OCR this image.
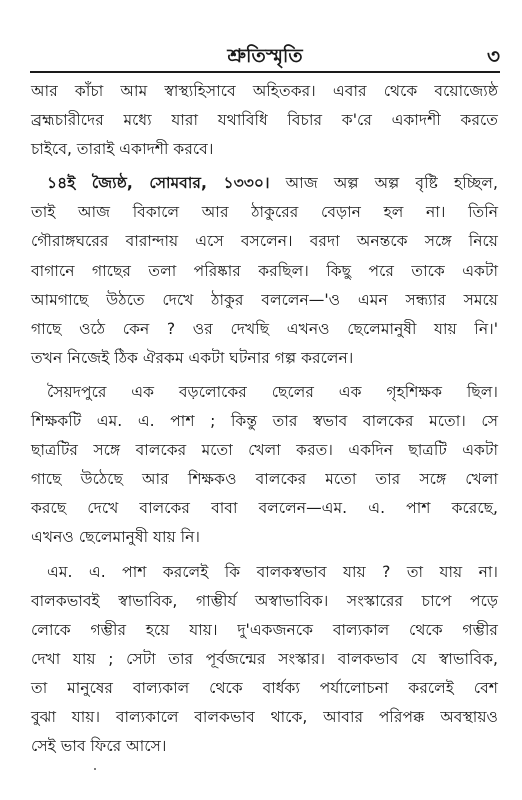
শ্রুতিস্মৃতি	৩
আর কাঁচা আম স্বাস্থ্যহিসাবে অহিতকর। এবার থেকে বয়োজ্যেষ্ঠ
ব্রহ্মচারীদের মধ্যে যারা যথাবিধি বিচার ক'রে একাদশী করতে
চাইবে, তারাই একাদশী করবে।
১৪ই জ্যৈষ্ঠ, সোমবার, ১৩৩০। আজ অল্প অল্প বৃষ্টি হচ্ছিল,
তাই আজ বিকালে আর ঠাকুরের বেড়ান হল না। তিনি
গৌরাঙ্গঘরের বারান্দায় এসে বসলেন। বরদা অনন্তকে সঙ্গে নিয়ে
বাগানে গাছের তলা পরিষ্কার করছিল। কিছু পরে তাকে একটা
আমগাছে উঠতে দেখে ঠাকুর বললেন—'ও এমন সন্ধ্যার সময়ে
গাছে ওঠে কেন ? ওর দেখছি এখনও ছেলেমানুষী যায় নি।'
তখন নিজেই ঠিক ঐরকম একটা ঘটনার গল্প করলেন।
সৈয়দপুরে এক বড়লোকের ছেলের এক গৃহশিক্ষক ছিল।
শিক্ষকটি এম. এ. পাশ ; কিন্তু তার স্বভাব বালকের মতো। সে
ছাত্রটির সঙ্গে বালকের মতো খেলা করত। একদিন ছাত্রটি একটা
গাছে উঠেছে আর শিক্ষকও বালকের মতো তার সঙ্গে খেলা
করছে দেখে বালকের বাবা বললেন—এম. এ. পাশ করেছে,
এখনও ছেলেমানুষী যায় নি।
এম. এ. পাশ করলেই কি বালকস্বভাব যায় ? তা যায় না।
বালকভাবই স্বাভাবিক, গাম্ভীর্য অস্বাভাবিক। সংস্কারের চাপে পড়ে
লোকে গম্ভীর হয়ে যায়। দু'একজনকে বাল্যকাল থেকে গম্ভীর
দেখা যায় ; সেটা তার পূর্বজন্মের সংস্কার। বালকভাব যে স্বাভাবিক,
তা মানুষের বাল্যকাল থেকে বার্ধক্য পর্যালোচনা করলেই বেশ
বুঝা যায়। বাল্যকালে বালকভাব থাকে, আবার পরিপক্ক অবস্থায়ও
সেই ভাব ফিরে আসে।
